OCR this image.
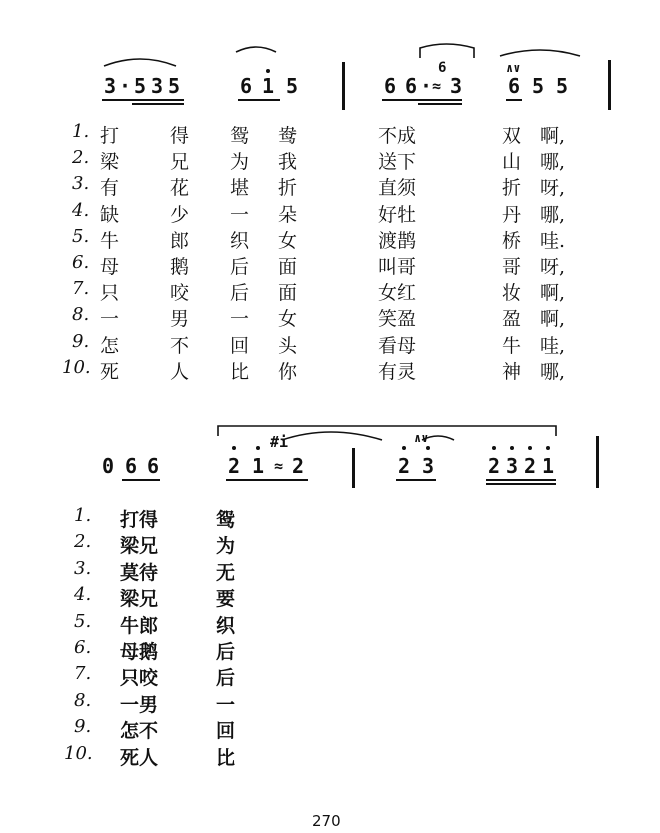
3 · 5 3 5	6 1 5	6 6 · ≈ 3
6	∧∨
6 5 5
1. 打	得 鸳 鸯	不成	双 啊,
2. 梁	兄 为 我	送下	山 哪,
3. 有	花 堪 折	直须	折 呀,
4. 缺	少 一 朵	好牡	丹 哪,
5. 牛	郎 织 女	渡鹊	桥 哇.
6. 母	鹅 后 面	叫哥	哥 呀,
7. 只	咬 后 面	女红	妆 啊,
8. 一	男 一 女	笑盈	盈 啊,
9. 怎	不 回 头	看母	牛 哇,
10. 死	人 比 你	有灵	神 哪,
0 6 6	2 1 ≈ 2
#i	∧∨
2 3	2 3 2 1
1. 打得	鸳
2. 梁兄	为
3. 莫待	无
4. 梁兄	要
5. 牛郎	织
6. 母鹅	后
7. 只咬	后
8. 一男	一
9. 怎不	回
10. 死人	比
270
